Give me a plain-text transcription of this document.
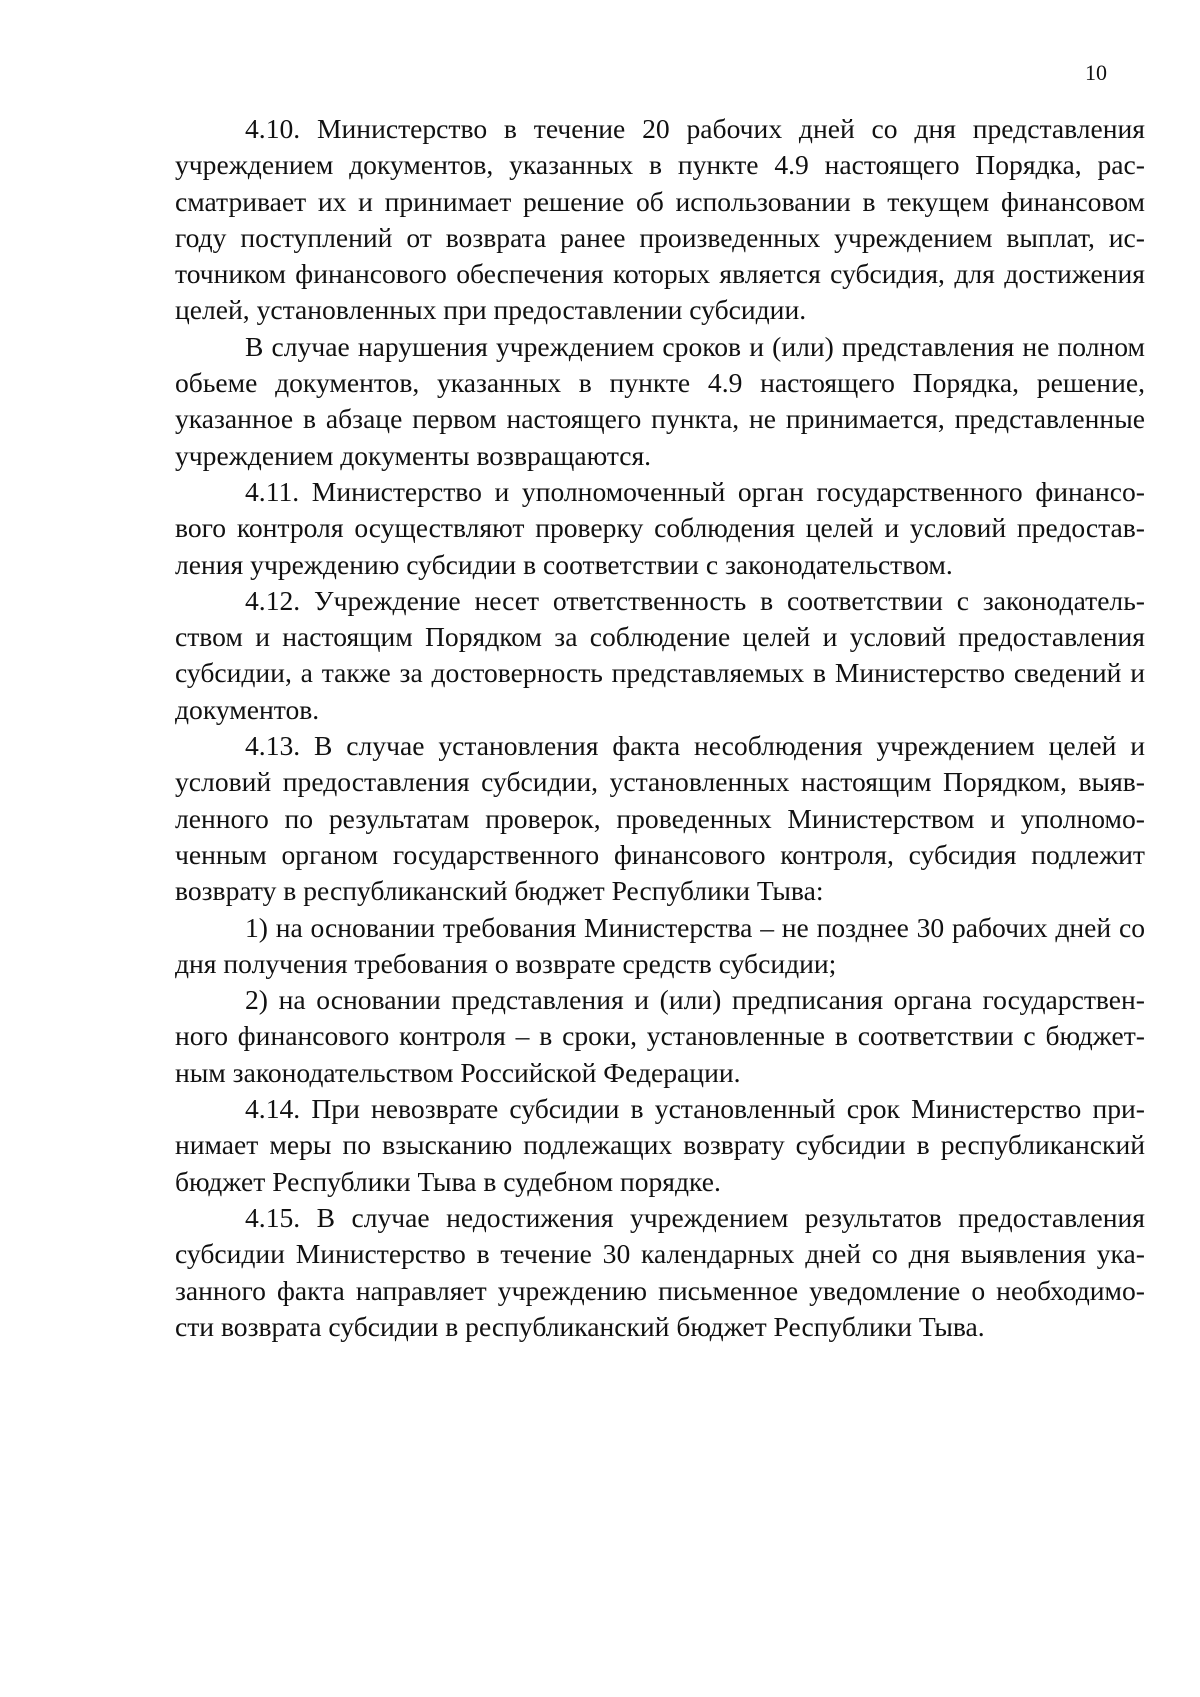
10

4.10. Министерство в течение 20 рабочих дней со дня представления учреждением документов, указанных в пункте 4.9 настоящего Порядка, рассматривает их и принимает решение об использовании в текущем финансовом году поступлений от возврата ранее произведенных учреждением выплат, источником финансового обеспечения которых является субсидия, для достижения целей, установленных при предоставлении субсидии.

В случае нарушения учреждением сроков и (или) представления не полном обьеме документов, указанных в пункте 4.9 настоящего Порядка, решение, указанное в абзаце первом настоящего пункта, не принимается, представленные учреждением документы возвращаются.

4.11. Министерство и уполномоченный орган государственного финансового контроля осуществляют проверку соблюдения целей и условий предоставления учреждению субсидии в соответствии с законодательством.

4.12. Учреждение несет ответственность в соответствии с законодательством и настоящим Порядком за соблюдение целей и условий предоставления субсидии, а также за достоверность представляемых в Министерство сведений и документов.

4.13. В случае установления факта несоблюдения учреждением целей и условий предоставления субсидии, установленных настоящим Порядком, выявленного по результатам проверок, проведенных Министерством и уполномоченным органом государственного финансового контроля, субсидия подлежит возврату в республиканский бюджет Республики Тыва:

1) на основании требования Министерства – не позднее 30 рабочих дней со дня получения требования о возврате средств субсидии;

2) на основании представления и (или) предписания органа государственного финансового контроля – в сроки, установленные в соответствии с бюджетным законодательством Российской Федерации.

4.14. При невозврате субсидии в установленный срок Министерство принимает меры по взысканию подлежащих возврату субсидии в республиканский бюджет Республики Тыва в судебном порядке.

4.15. В случае недостижения учреждением результатов предоставления субсидии Министерство в течение 30 календарных дней со дня выявления указанного факта направляет учреждению письменное уведомление о необходимости возврата субсидии в республиканский бюджет Республики Тыва.
